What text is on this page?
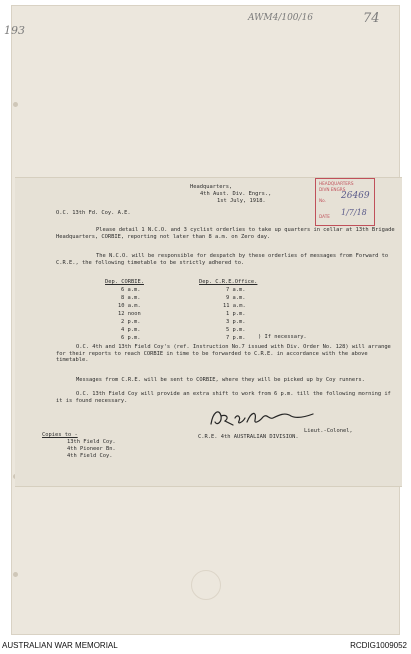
AWM4/100/16	74
193
HEADQUARTERS
DIVN ENGRS
No. 26469
DATE 1/7/18
Headquarters,
4th Aust. Div. Engrs.,
1st July, 1918.
O.C. 13th Fd. Coy. A.E.
Please detail 1 N.C.O. and 3 cyclist orderlies to take up quarters in cellar at 13th Brigade Headquarters, CORBIE, reporting not later than 8 a.m. on Zero day.
The N.C.O. will be responsible for despatch by these orderlies of messages from Forward to C.R.E., the following timetable to be strictly adhered to.
Dep. CORBIE.	Dep. C.R.E.Office.
6 a.m.	7 a.m.
8 a.m.	9 a.m.
10 a.m.	11 a.m.
12 noon	1 p.m.
2 p.m.	3 p.m.
4 p.m.	5 p.m.
6 p.m.	7 p.m. ) If necessary.
O.C. 4th and 13th Field Coy's (ref. Instruction No.7 issued with Div. Order No. 128) will arrange for their reports to reach CORBIE in time to be forwarded to C.R.E. in accordance with the above timetable.
Messages from C.R.E. will be sent to CORBIE, where they will be picked up by Coy runners.
O.C. 13th Field Coy will provide an extra shift to work from 6 p.m. till the following morning if it is found necessary.
Lieut.-Colonel,
C.R.E. 4th AUSTRALIAN DIVISION.
Copies to -
13th Field Coy.
4th Pioneer Bn.
4th Field Coy.
AUSTRALIAN WAR MEMORIAL	RCDIG1009052
